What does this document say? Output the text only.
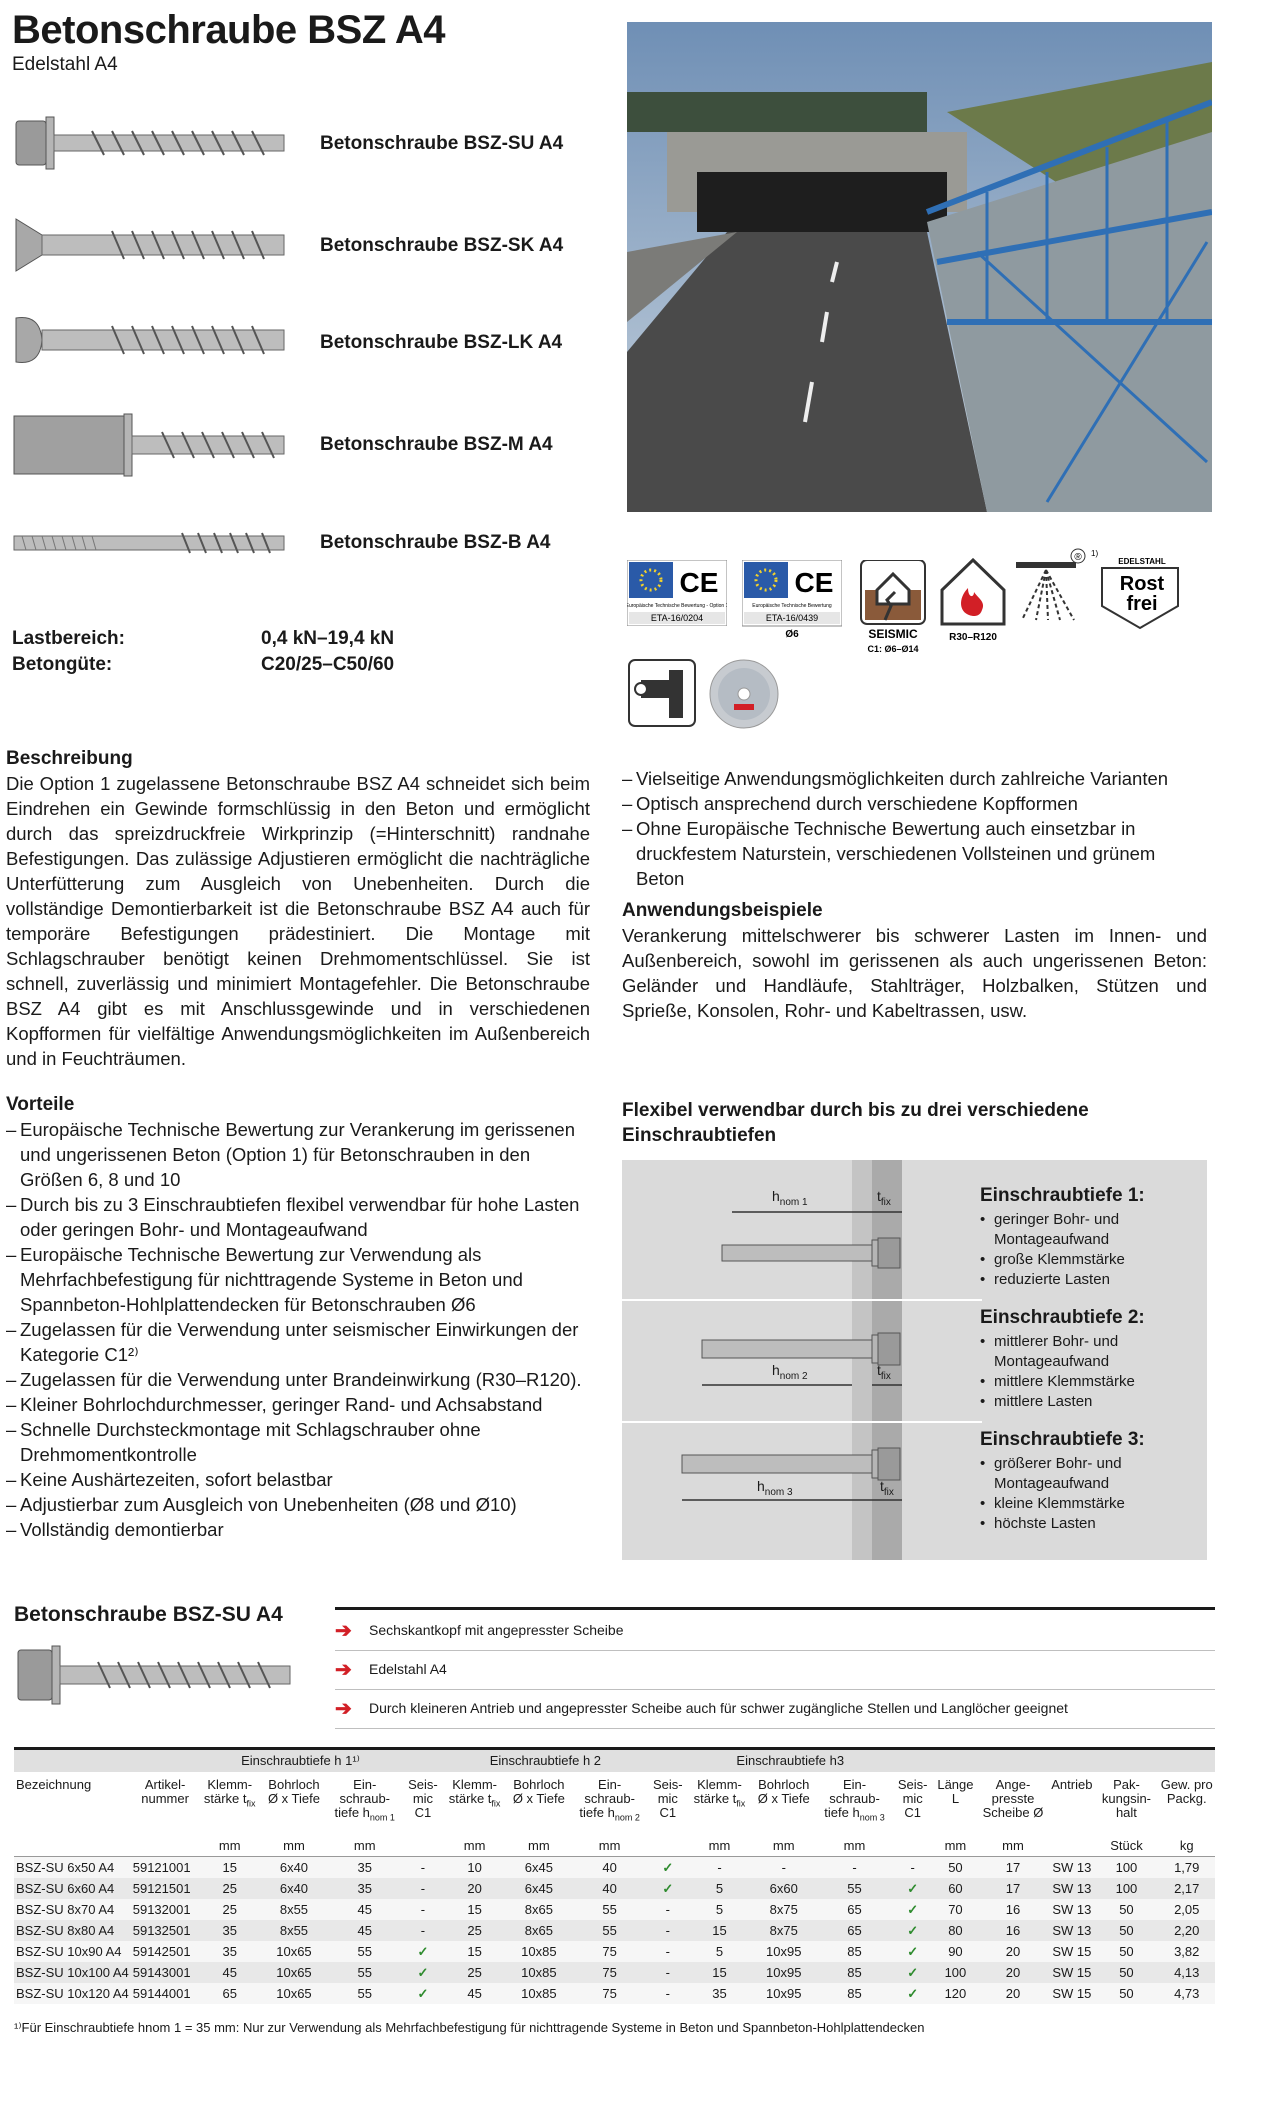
Betonschraube BSZ A4
Edelstahl A4
Betonschraube BSZ-SU A4
Betonschraube BSZ-SK A4
Betonschraube BSZ-LK A4
Betonschraube BSZ-M A4
Betonschraube BSZ-B A4
Lastbereich:	0,4 kN–19,4 kN
Betongüte:	C20/25–C50/60
CE
Europäische Technische Bewertung - Option 1
ETA-16/0204
CE
Europäische Technische Bewertung
ETA-16/0439
Ø6	SEISMIC
C1: Ø6–Ø14
R30–R120
® 1)
EDELSTAHL
Rost
frei
Beschreibung

Die Option 1 zugelassene Betonschraube BSZ A4 schneidet sich beim Eindrehen ein Gewinde formschlüssig in den Beton und ermöglicht durch das spreizdruckfreie Wirkprinzip (=Hinterschnitt) randnahe Befestigungen. Das zulässige Adjustieren ermöglicht die nachträgliche Unterfütterung zum Ausgleich von Unebenheiten. Durch die vollständige Demontierbarkeit ist die Betonschraube BSZ A4 auch für temporäre Befestigungen prädestiniert. Die Montage mit Schlagschrauber benötigt keinen Drehmomentschlüssel. Sie ist schnell, zuverlässig und minimiert Montagefehler. Die Betonschraube BSZ A4 gibt es mit Anschlussgewinde und in verschiedenen Kopfformen für vielfältige Anwendungsmöglichkeiten im Außenbereich und in Feuchträumen.

Vorteile
– Europäische Technische Bewertung zur Verankerung im gerissenen und ungerissenen Beton (Option 1) für Betonschrauben in den Größen 6, 8 und 10
– Durch bis zu 3 Einschraubtiefen flexibel verwendbar für hohe Lasten oder geringen Bohr- und Montageaufwand
– Europäische Technische Bewertung zur Verwendung als Mehrfachbefestigung für nichttragende Systeme in Beton und Spannbeton-Hohlplattendecken für Betonschrauben Ø6
– Zugelassen für die Verwendung unter seismischer Einwirkungen der Kategorie C1²⁾
– Zugelassen für die Verwendung unter Brandeinwirkung (R30–R120).
– Kleiner Bohrlochdurchmesser, geringer Rand- und Achsabstand
– Schnelle Durchsteckmontage mit Schlagschrauber ohne Drehmomentkontrolle
– Keine Aushärtezeiten, sofort belastbar
– Adjustierbar zum Ausgleich von Unebenheiten (Ø8 und Ø10)
– Vollständig demontierbar
– Vielseitige Anwendungsmöglichkeiten durch zahlreiche Varianten
– Optisch ansprechend durch verschiedene Kopfformen
– Ohne Europäische Technische Bewertung auch einsetzbar in druckfestem Naturstein, verschiedenen Vollsteinen und grünem Beton
Anwendungsbeispiele

Verankerung mittelschwerer bis schwerer Lasten im Innen- und Außenbereich, sowohl im gerissenen als auch ungerissenen Beton: Geländer und Handläufe, Stahlträger, Holzbalken, Stützen und Sprieße, Konsolen, Rohr- und Kabeltrassen, usw.

Flexibel verwendbar durch bis zu drei verschiedene Einschraubtiefen
$h_{nom 1}$
$h_{nom 2}$
$h_{nom 3}$
$t_{fix}$
$t_{fix}$
$t_{fix}$
Einschraubtiefe 1:
• geringer Bohr- und Montageaufwand
• große Klemmstärke
• reduzierte Lasten
Einschraubtiefe 2:
• mittlerer Bohr- und Montageaufwand
• mittlere Klemmstärke
• mittlere Lasten
Einschraubtiefe 3:
• größerer Bohr- und Montageaufwand
• kleine Klemmstärke
• höchste Lasten
Betonschraube BSZ-SU A4
➔ Sechskantkopf mit angepresster Scheibe
➔ Edelstahl A4
➔ Durch kleineren Antrieb und angepresster Scheibe auch für schwer zugängliche Stellen und Langlöcher geeignet
		Einschraubtiefe h 1¹⁾				Einschraubtiefe h 2				Einschraubtiefe h3								
Bezeichnung	Artikel-nummer	Klemm-stärke $t_{fix}$	Bohrloch Ø x Tiefe	Ein-schraub-tiefe $h_{nom 1}$	Seis-mic C1	Klemm-stärke $t_{fix}$	Bohrloch Ø x Tiefe	Ein-schraub-tiefe $h_{nom 2}$	Seis-mic C1	Klemm-stärke $t_{fix}$	Bohrloch Ø x Tiefe	Ein-schraub-tiefe $h_{nom 3}$	Seis-mic C1	Länge L	Ange-presste Scheibe Ø	Antrieb	Pak-kungsin-halt	Gew. pro Packg.
		mm	mm	mm		mm	mm	mm		mm	mm	mm		mm	mm		Stück	kg
BSZ-SU 6x50 A4	59121001	15	6x40	35	-	10	6x45	40	✓	-	-	-	-	50	17	SW 13	100	1,79
BSZ-SU 6x60 A4	59121501	25	6x40	35	-	20	6x45	40	✓	5	6x60	55	✓	60	17	SW 13	100	2,17
BSZ-SU 8x70 A4	59132001	25	8x55	45	-	15	8x65	55	-	5	8x75	65	✓	70	16	SW 13	50	2,05
BSZ-SU 8x80 A4	59132501	35	8x55	45	-	25	8x65	55	-	15	8x75	65	✓	80	16	SW 13	50	2,20
BSZ-SU 10x90 A4	59142501	35	10x65	55	✓	15	10x85	75	-	5	10x95	85	✓	90	20	SW 15	50	3,82
BSZ-SU 10x100 A4	59143001	45	10x65	55	✓	25	10x85	75	-	15	10x95	85	✓	100	20	SW 15	50	4,13
BSZ-SU 10x120 A4	59144001	65	10x65	55	✓	45	10x85	75	-	35	10x95	85	✓	120	20	SW 15	50	4,73
¹⁾Für Einschraubtiefe hnom 1 = 35 mm: Nur zur Verwendung als Mehrfachbefestigung für nichttragende Systeme in Beton und Spannbeton-Hohlplattendecken
